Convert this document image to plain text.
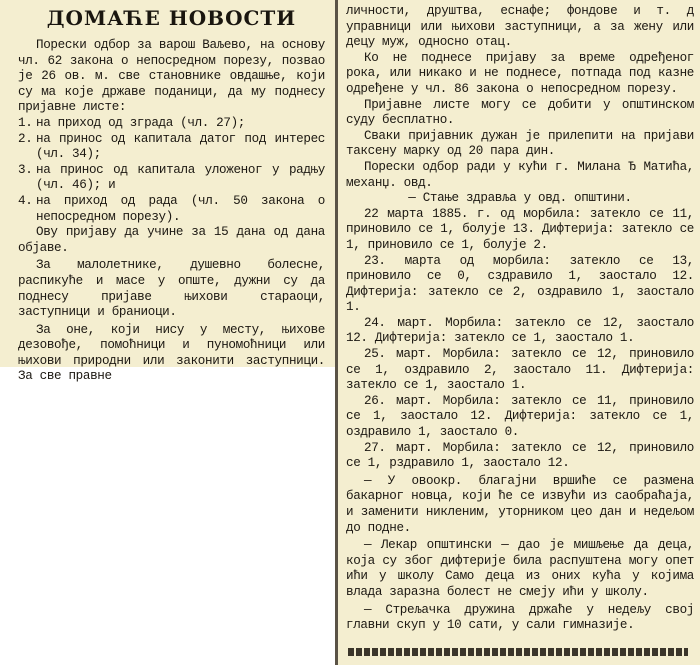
ДОМАЋЕ НОВОСТИ

Порески одбор за варош Ваљево, на основу чл. 62 закона о непосредном порезу, позвао је 26 ов. м. све становнике овдашње, који су ма које државе поданици, да му поднесу пријавне листе:

1. на приход од зграда (чл. 27);
2. на принос од капитала датог под интерес (чл. 34);
3. на принос од капитала уложеног у радњу (чл. 46); и
4. на приход од рада (чл. 50 закона о непосредном порезу).

Ову пријаву да учине за 15 дана од дана објаве.

За малолетнике, душевно болесне, распикуће и масе у опште, дужни су да поднесу пријаве њихови стараоци, заступници и браниоци.

За оне, који нису у месту, њихове дезовође, помоћници и пуномоћници или њихови природни или законити заступници. За све правне

личности, друштва, еснафе; фондове и т. д управници или њихови заступници, а за жену или децу муж, односно отац.

Ко не поднесе пријаву за време одређеног рока, или никако и не поднесе, потпада под казне одређене у чл. 86 закона о непосредном порезу.

Пријавне листе могу се добити у општинском суду бесплатно.

Сваки пријавник дужан је прилепити на пријави таксену марку од 20 пара дин.

Порески одбор ради у кући г. Милана Ђ Матића, механџ. овд.

— Стање здравља у овд. општини.

22 марта 1885. г. од морбила: затекло се 11, приновило се 1, болује 13. Дифтерија: затекло се 1, приновило се 1, болује 2.

23. марта од морбила: затекло се 13, приновило се 0, сздравило 1, заостало 12. Дифтерија: затекло се 2, оздравило 1, заостало 1.

24. март. Морбила: затекло се 12, заостало 12. Дифтерија: затекло се 1, заостало 1.

25. март. Морбила: затекло се 12, приновило се 1, оздравило 2, заостало 11. Дифтерија: затекло се 1, заостало 1.

26. март. Морбила: затекло се 11, приновило се 1, заостало 12. Дифтерија: затекло се 1, оздравило 1, заостало 0.

27. март. Морбила: затекло се 12, приновило се 1, рздравило 1, заостало 12.

— У овоокр. благајни вршиће се размена бакарног новца, који ће се извући из саобраћаја, и заменити никленим, уторником цео дан и недељом до подне.

— Лекар општински — дао је мишљење да деца, која су због дифтерије била распуштена могу опет ићи у школу Само деца из оних кућа у којима влада заразна болест не смеју ићи у школу.

— Стрељачка дружина држаће у недељу свој главни скуп у 10 сати, у сали гимназије.
